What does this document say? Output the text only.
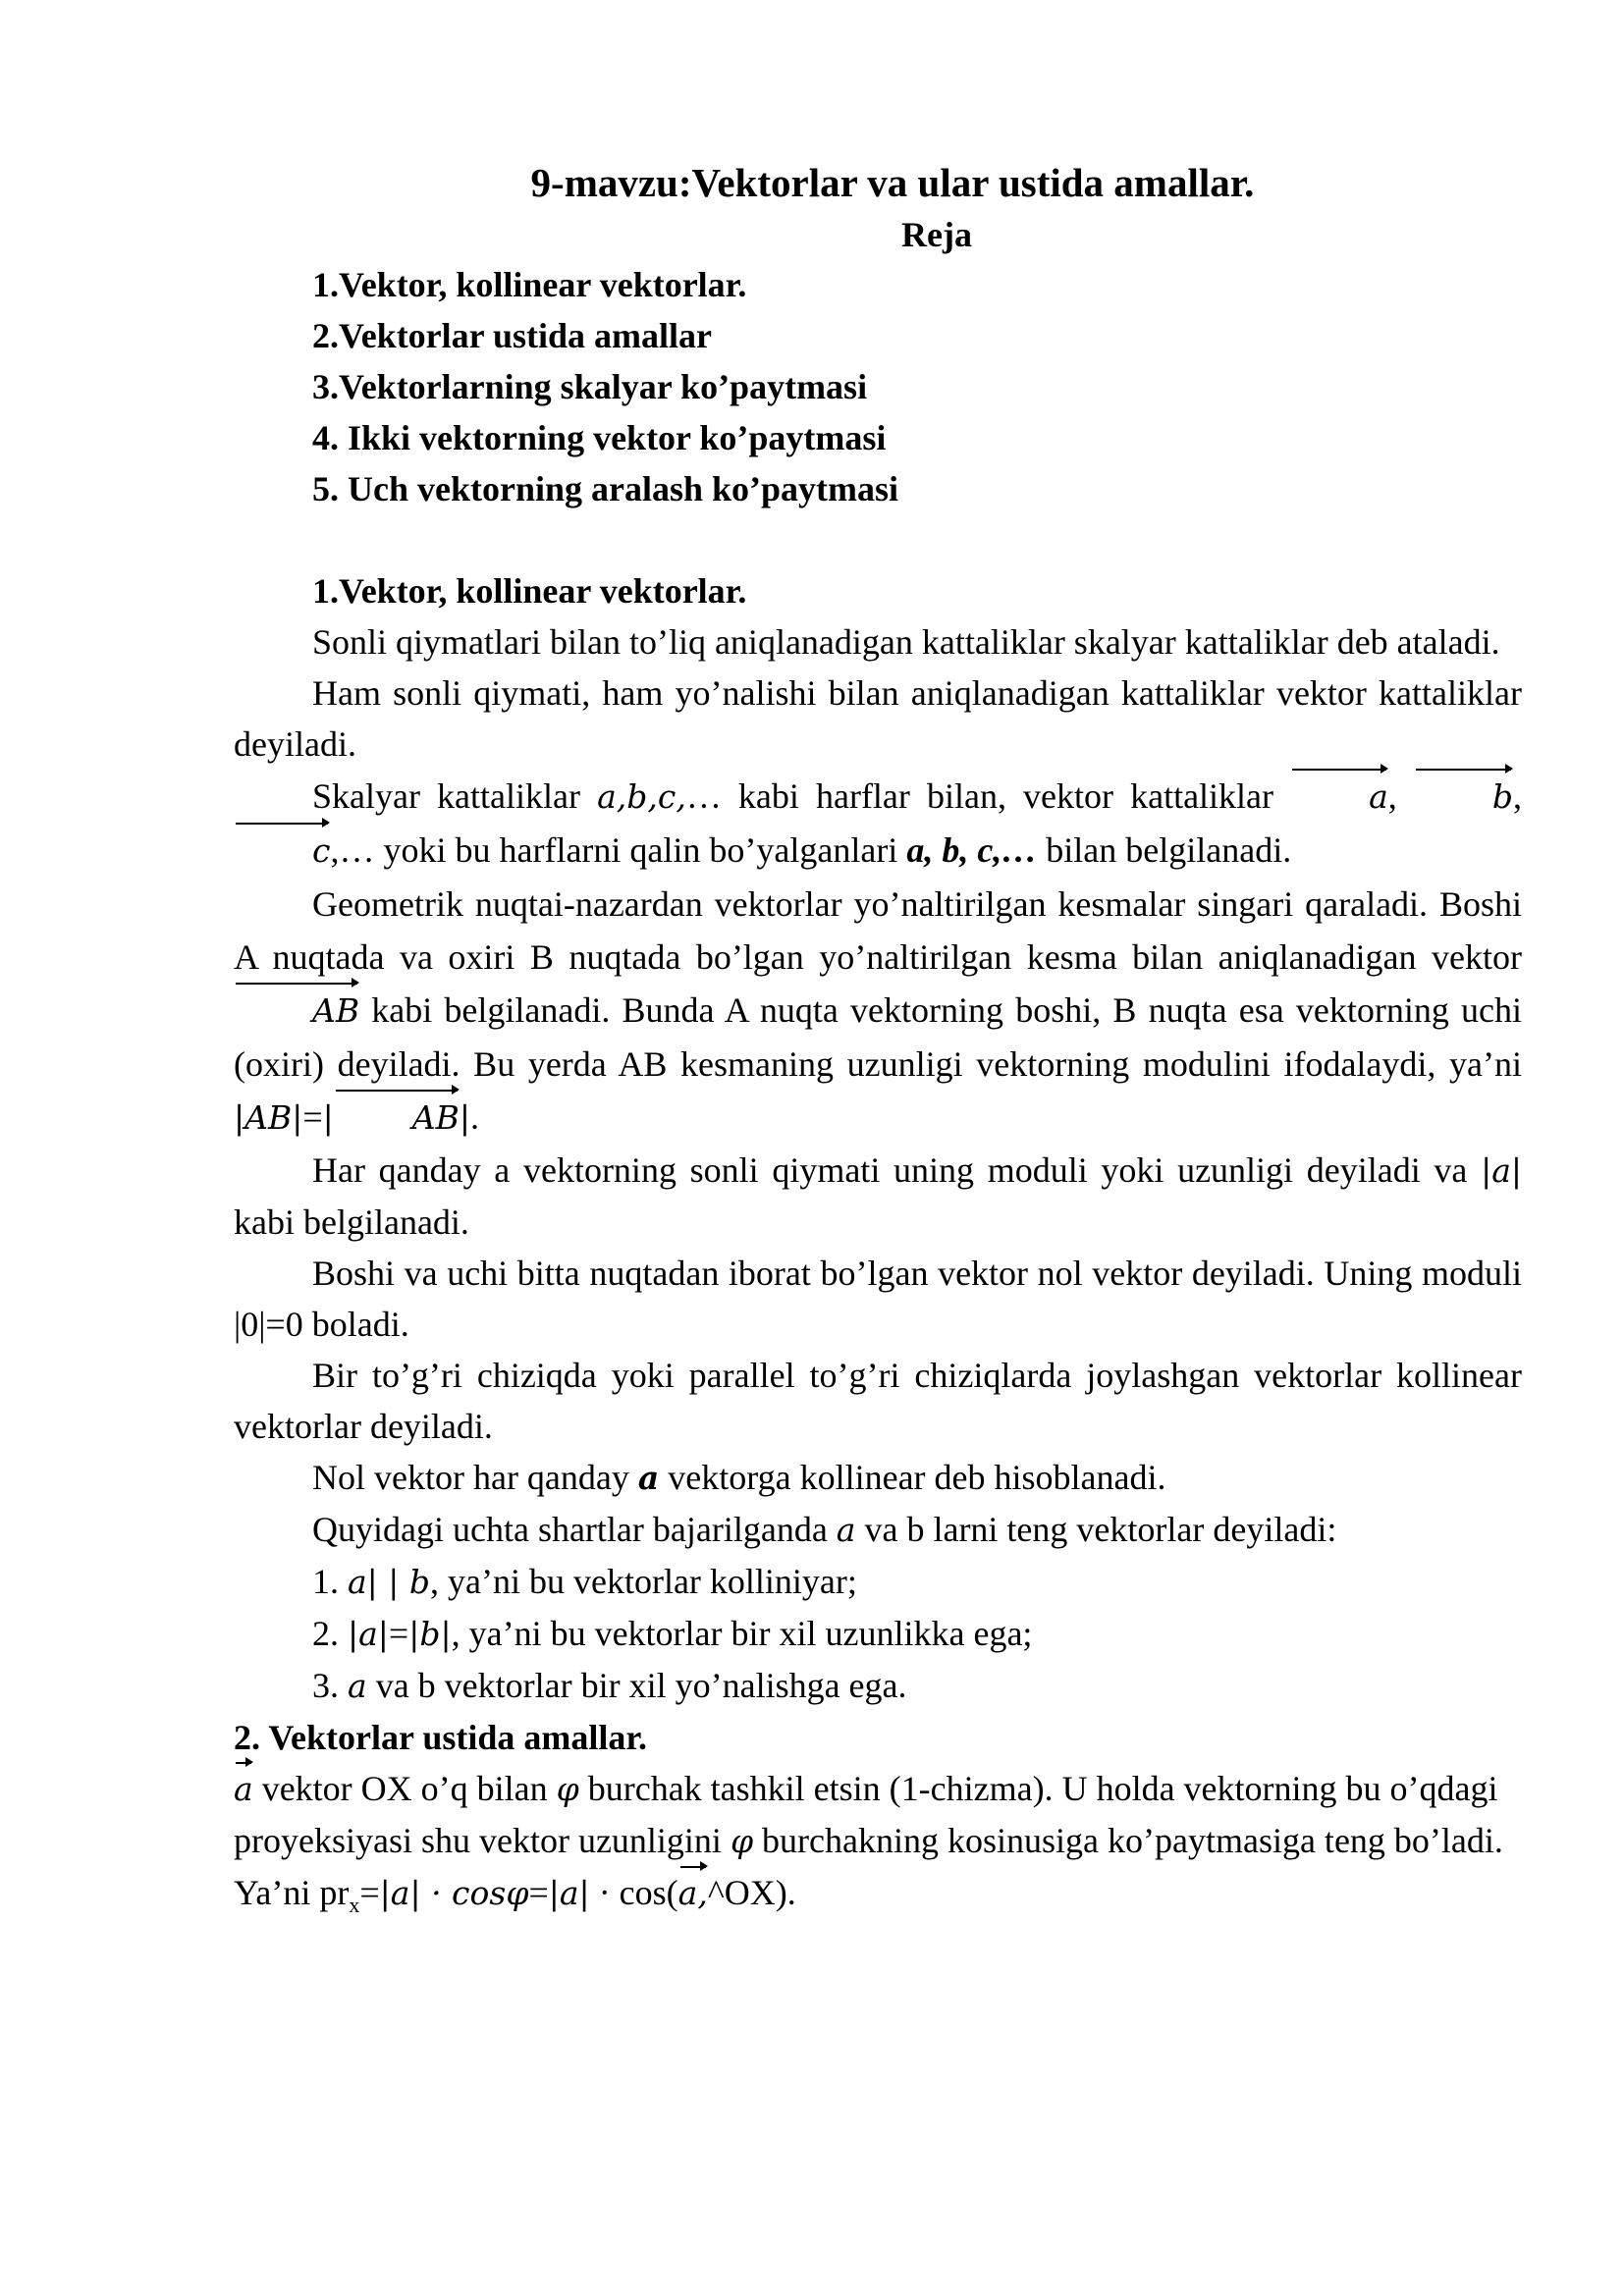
9-mavzu:Vektorlar va ular ustida amallar.
Reja
1.Vektor, kollinear vektorlar.
2.Vektorlar ustida amallar
3.Vektorlarning skalyar ko’paytmasi
4. Ikki vektorning vektor ko’paytmasi
5. Uch vektorning aralash ko’paytmasi
1.Vektor, kollinear vektorlar.

Sonli qiymatlari bilan to’liq aniqlanadigan kattaliklar skalyar kattaliklar deb ataladi.

Ham sonli qiymati, ham yo’nalishi bilan aniqlanadigan kattaliklar vektor kattaliklar deyiladi.

Skalyar kattaliklar a,b,c,… kabi harflar bilan, vektor kattaliklar a, b, c,… yoki bu harflarni qalin bo’yalganlari a, b, c,… bilan belgilanadi.

Geometrik nuqtai-nazardan vektorlar yo’naltirilgan kesmalar singari qaraladi. Boshi A nuqtada va oxiri B nuqtada bo’lgan yo’naltirilgan kesma bilan aniqlanadigan vektor AB kabi belgilanadi. Bunda A nuqta vektorning boshi, B nuqta esa vektorning uchi (oxiri) deyiladi. Bu yerda AB kesmaning uzunligi vektorning modulini ifodalaydi, ya’ni |AB|=| AB|.

Har qanday a vektorning sonli qiymati uning moduli yoki uzunligi deyiladi va |a| kabi belgilanadi.

Boshi va uchi bitta nuqtadan iborat bo’lgan vektor nol vektor deyiladi. Uning moduli |0|=0 boladi.

Bir to’g’ri chiziqda yoki parallel to’g’ri chiziqlarda joylashgan vektorlar kollinear vektorlar deyiladi.

Nol vektor har qanday a vektorga kollinear deb hisoblanadi.

Quyidagi uchta shartlar bajarilganda a va b larni teng vektorlar deyiladi:

1. a| | b, ya’ni bu vektorlar kolliniyar;

2. |a|=|b|, ya’ni bu vektorlar bir xil uzunlikka ega;

3. a va b vektorlar bir xil yo’nalishga ega.

2. Vektorlar ustida amallar.

a vektor OX o’q bilan φ burchak tashkil etsin (1-chizma). U holda vektorning bu o’qdagi proyeksiyasi shu vektor uzunligini φ burchakning kosinusiga ko’paytmasiga teng bo’ladi.

Ya’ni $pr_x=|a| \cdot \cos\varphi=|a|$ · cos(a,^OX).
